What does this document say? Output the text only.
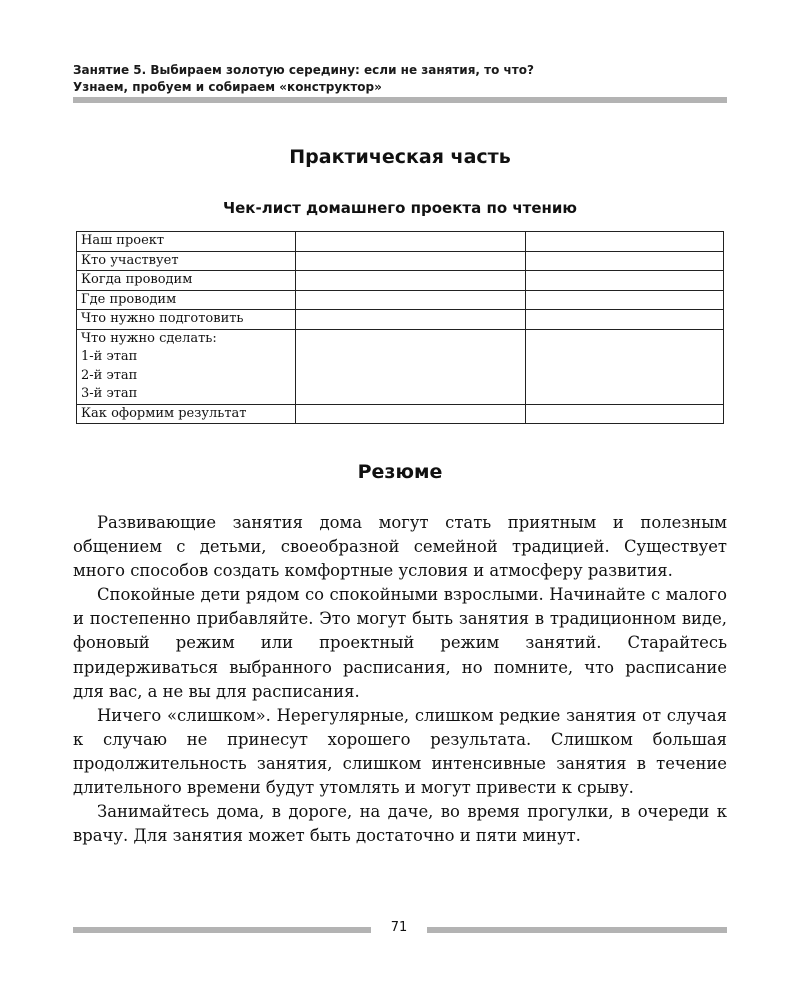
Занятие 5. Выбираем золотую середину: если не занятия, то что?
Узнаем, пробуем и собираем «конструктор»
Практическая часть
Чек-лист домашнего проекта по чтению
Наш проект		
Кто участвует		
Когда проводим		
Где проводим		
Что нужно подготовить		

Что нужно сделать:
1-й этап
2-й этап
3-й этап		

Как оформим результат		
Резюме

Развивающие занятия дома могут стать приятным и полезным общением с детьми, своеобразной семейной традицией. Существует много способов создать комфортные условия и атмосферу развития.

Спокойные дети рядом со спокойными взрослыми. Начинайте с малого и постепенно прибавляйте. Это могут быть занятия в традиционном виде, фоновый режим или проектный режим занятий. Старайтесь придерживаться выбранного расписания, но помните, что расписание для вас, а не вы для расписания.

Ничего «слишком». Нерегулярные, слишком редкие занятия от случая к случаю не принесут хорошего результата. Слишком большая продолжительность занятия, слишком интенсивные занятия в течение длительного времени будут утомлять и могут привести к срыву.

Занимайтесь дома, в дороге, на даче, во время прогулки, в очереди к врачу. Для занятия может быть достаточно и пяти минут.

71
